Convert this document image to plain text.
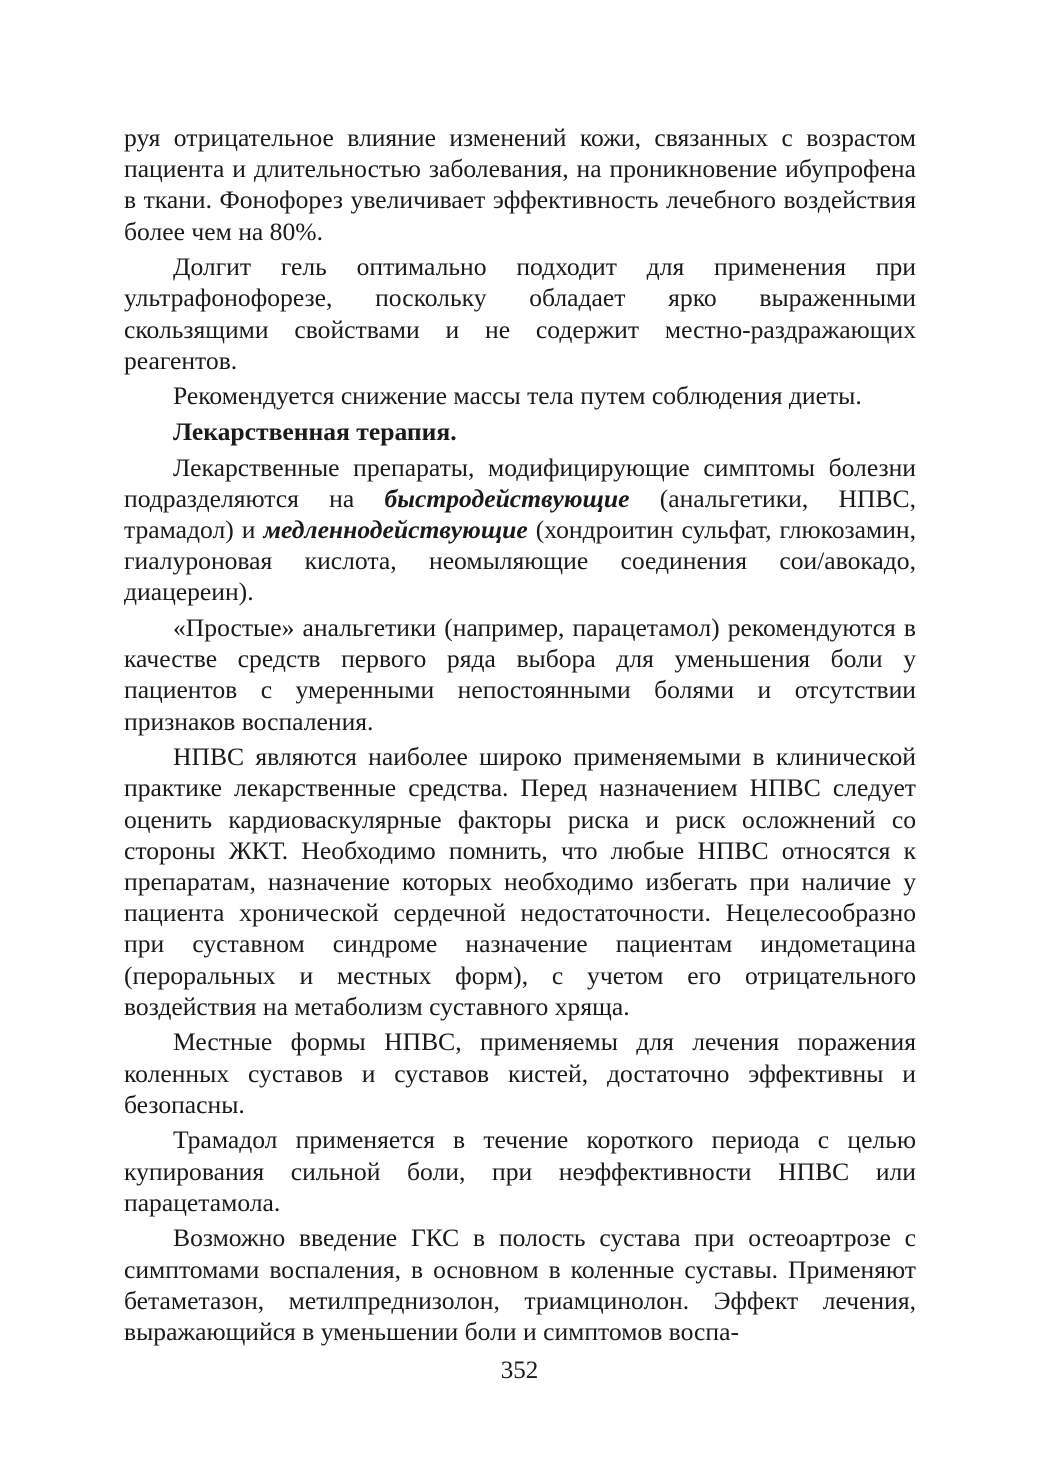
руя отрицательное влияние изменений кожи, связанных с возрастом пациента и длительностью заболевания, на проникновение ибупрофена в ткани. Фонофорез увеличивает эффективность лечебного воздействия более чем на 80%.

Долгит гель оптимально подходит для применения при ультрафонофорезе, поскольку обладает ярко выраженными скользящими свойствами и не содержит местно-раздражающих реагентов.

Рекомендуется снижение массы тела путем соблюдения диеты.

Лекарственная терапия.

Лекарственные препараты, модифицирующие симптомы болезни подразделяются на быстродействующие (анальгетики, НПВС, трамадол) и медленнодействующие (хондроитин сульфат, глюкозамин, гиалуроновая кислота, неомыляющие соединения сои/авокадо, диацереин).

«Простые» анальгетики (например, парацетамол) рекомендуются в качестве средств первого ряда выбора для уменьшения боли у пациентов с умеренными непостоянными болями и отсутствии признаков воспаления.

НПВС являются наиболее широко применяемыми в клинической практике лекарственные средства. Перед назначением НПВС следует оценить кардиоваскулярные факторы риска и риск осложнений со стороны ЖКТ. Необходимо помнить, что любые НПВС относятся к препаратам, назначение которых необходимо избегать при наличие у пациента хронической сердечной недостаточности. Нецелесообразно при суставном синдроме назначение пациентам индометацина (пероральных и местных форм), с учетом его отрицательного воздействия на метаболизм суставного хряща.

Местные формы НПВС, применяемы для лечения поражения коленных суставов и суставов кистей, достаточно эффективны и безопасны.

Трамадол применяется в течение короткого периода с целью купирования сильной боли, при неэффективности НПВС или парацетамола.

Возможно введение ГКС в полость сустава при остеоартрозе с симптомами воспаления, в основном в коленные суставы. Применяют бетаметазон, метилпреднизолон, триамцинолон. Эффект лечения, выражающийся в уменьшении боли и симптомов воспа-

352
